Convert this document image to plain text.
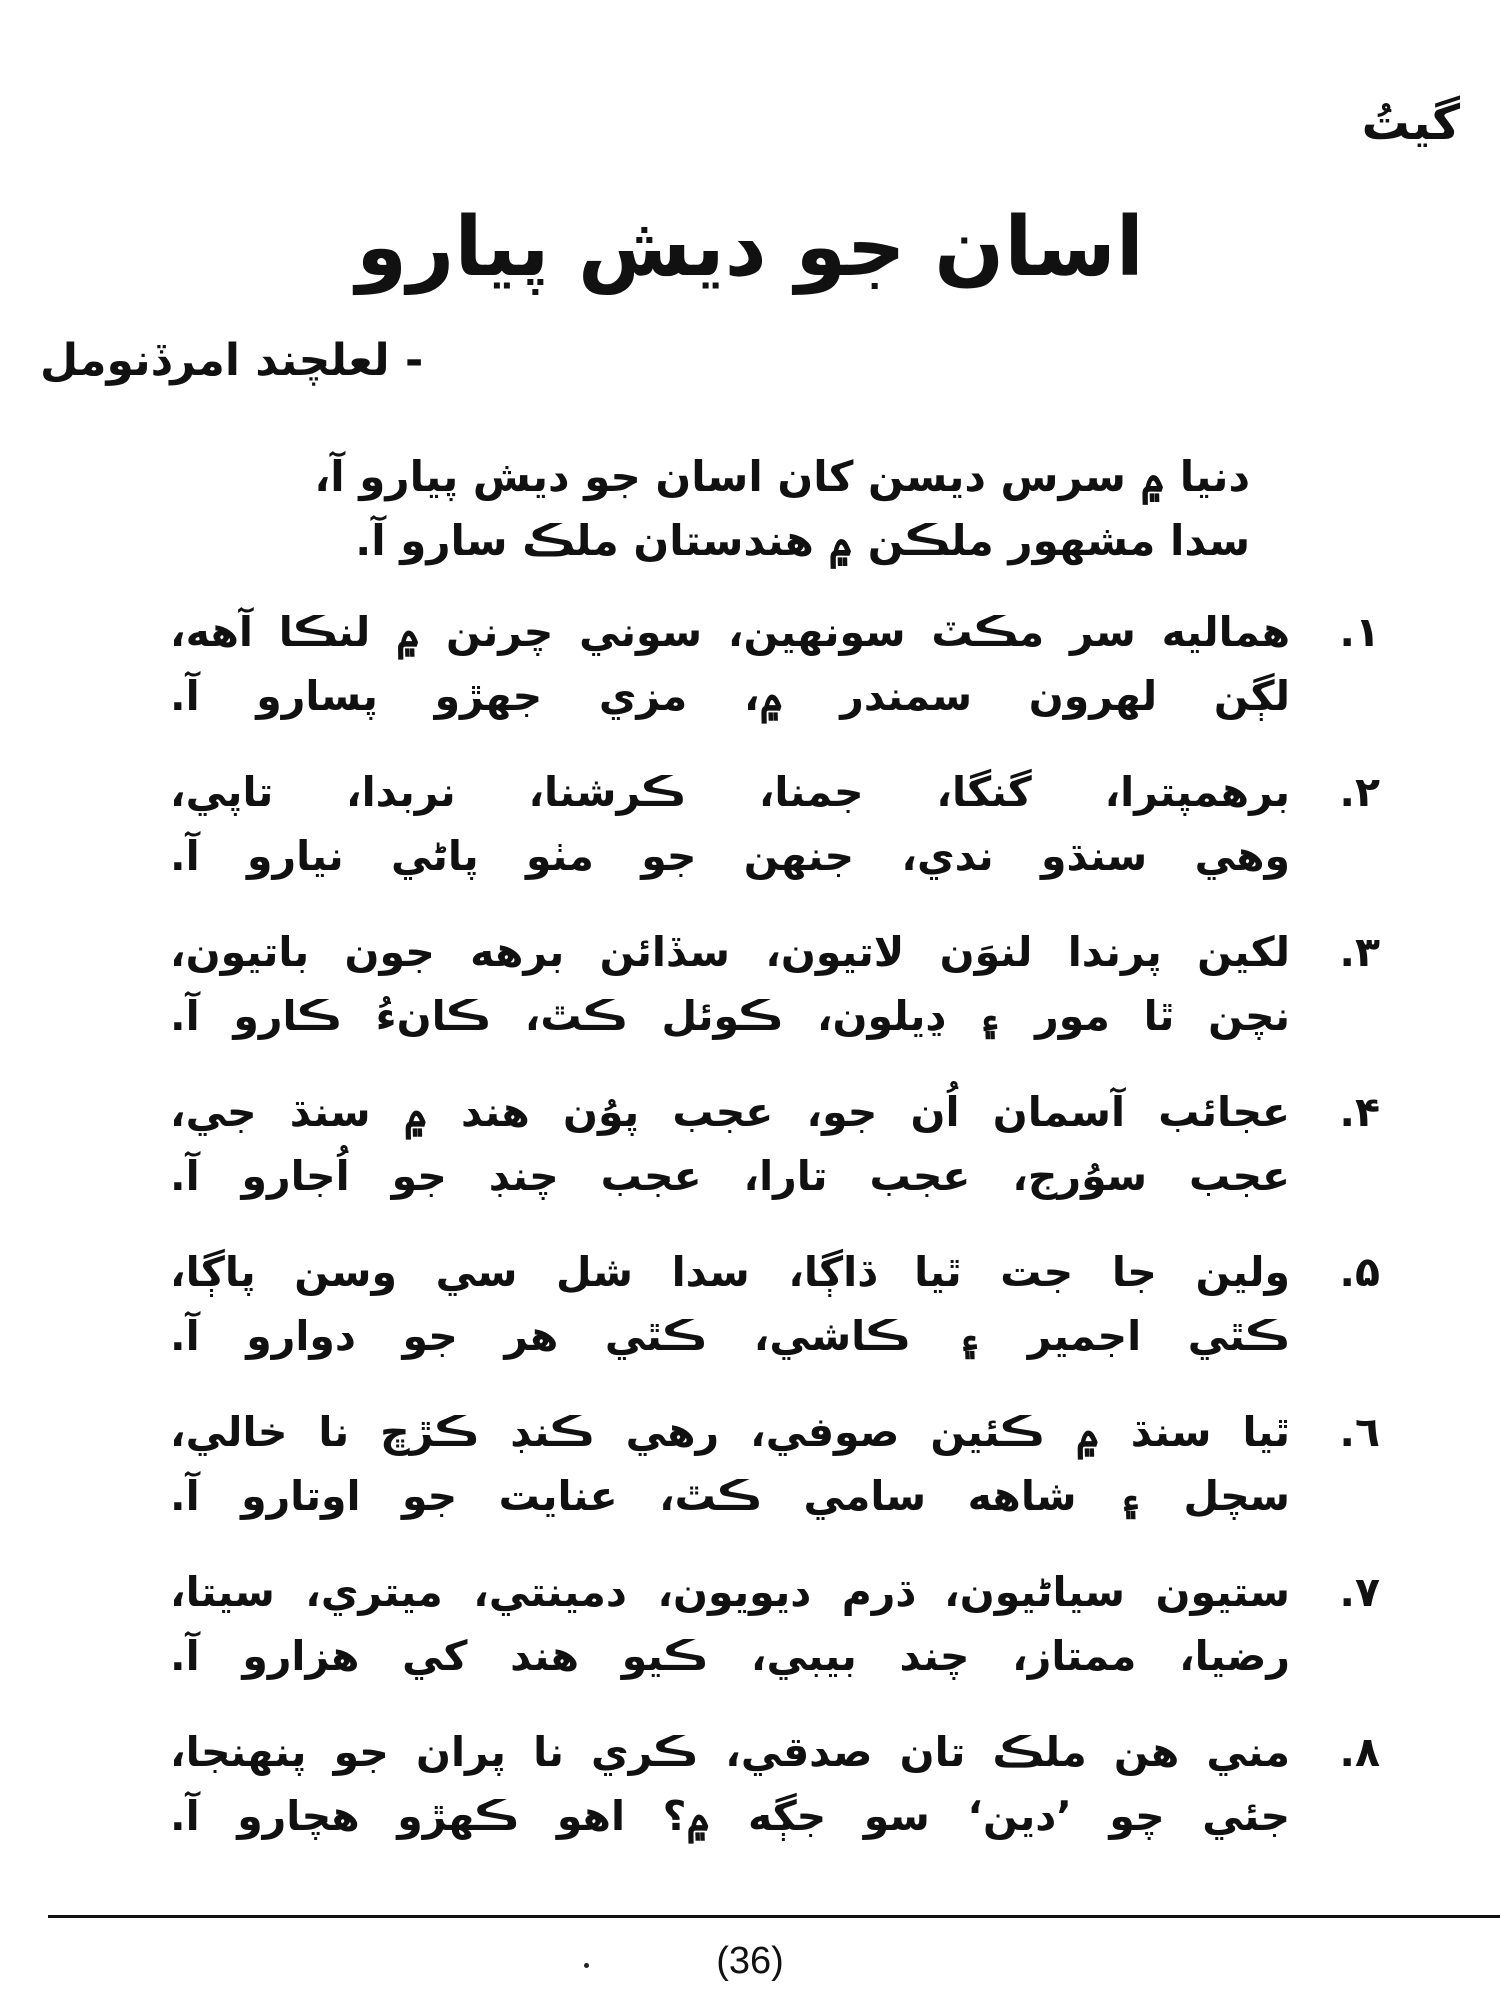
گيتُ
اسان جو ديش پيارو
- لعلچند امرڏنومل
دنيا ۾ سرس ديسن کان اسان جو ديش پيارو آ،
سدا مشهور ملڪن ۾ هندستان ملڪ سارو آ.
١.
هماليه سر مڪٽ سونهين، سوني چرنن ۾ لنڪا آهه،
لڳن لهرون سمندر ۾، مزي جهڙو پسارو آ.
٢.
برهمپترا، گنگا، جمنا، ڪرشنا، نربدا، تاپي،
وهي سنڌو ندي، جنهن جو مٺو پاڻي نيارو آ.
٣.
لکين پرندا لنوَن لاتيون، سڏائن برهه جون باتيون،
نچن ٿا مور ۽ ڍيلون، ڪوئل ڪٿ، ڪانءُ ڪارو آ.
۴.
عجائب آسمان اُن جو، عجب پوُن هند ۾ سنڌ جي،
عجب سوُرج، عجب تارا، عجب چنڊ جو اُجارو آ.
۵.
ولين جا جت ٿيا ڌاڳا، سدا شل سي وسن پاڳا،
ڪٿي اجمير ۽ ڪاشي، ڪٿي هر جو دوارو آ.
٦.
ٿيا سنڌ ۾ ڪئين صوفي، رهي ڪنڊ ڪڙڇ نا خالي،
سچل ۽ شاهه سامي ڪٿ، عنايت جو اوتارو آ.
٧.
ستيون سياڻيون، ڌرم ديويون، دمينتي، ميتري، سيتا،
رضيا، ممتاز، چند بيبي، ڪيو هند کي هزارو آ.
٨.
مني هن ملڪ تان صدقي، ڪري نا پران جو پنهنجا،
جئي چو ’دين‘ سو جڳه ۾؟ اهو ڪهڙو هچارو آ.
(36)
